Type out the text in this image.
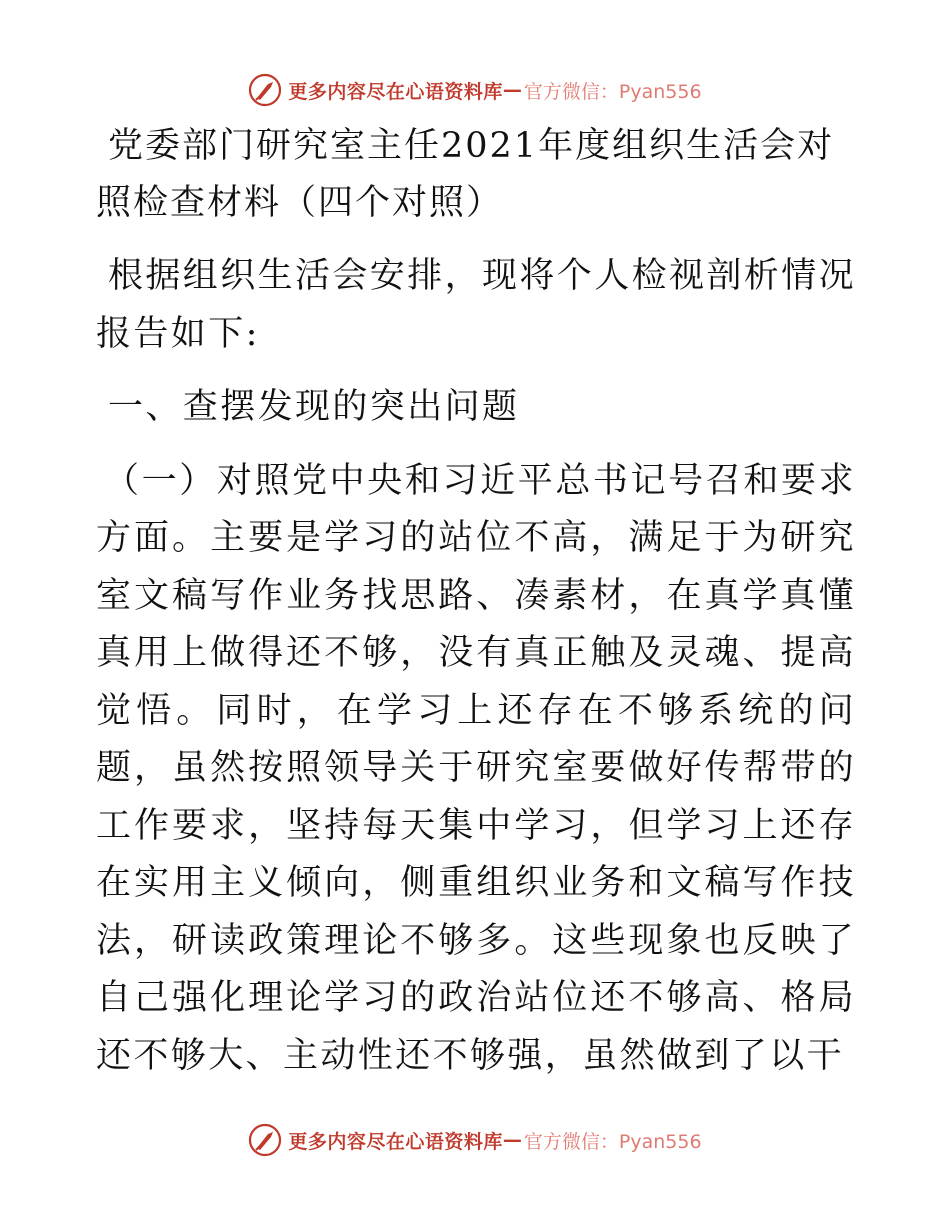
更多内容尽在心语资料库 — 官方微信：Pyan556
党委部门研究室主任2021年度组织生活会对照检查材料（四个对照）

根据组织生活会安排，现将个人检视剖析情况报告如下:

一、查摆发现的突出问题

（一）对照党中央和习近平总书记号召和要求方面。主要是学习的站位不高，满足于为研究室文稿写作业务找思路、凑素材，在真学真懂真用上做得还不够，没有真正触及灵魂、提高觉悟。同时，在学习上还存在不够系统的问题，虽然按照领导关于研究室要做好传帮带的工作要求，坚持每天集中学习，但学习上还存在实用主义倾向，侧重组织业务和文稿写作技法，研读政策理论不够多。这些现象也反映了自己强化理论学习的政治站位还不够高、格局还不够大、主动性还不够强，虽然做到了以干

更多内容尽在心语资料库 — 官方微信：Pyan556
